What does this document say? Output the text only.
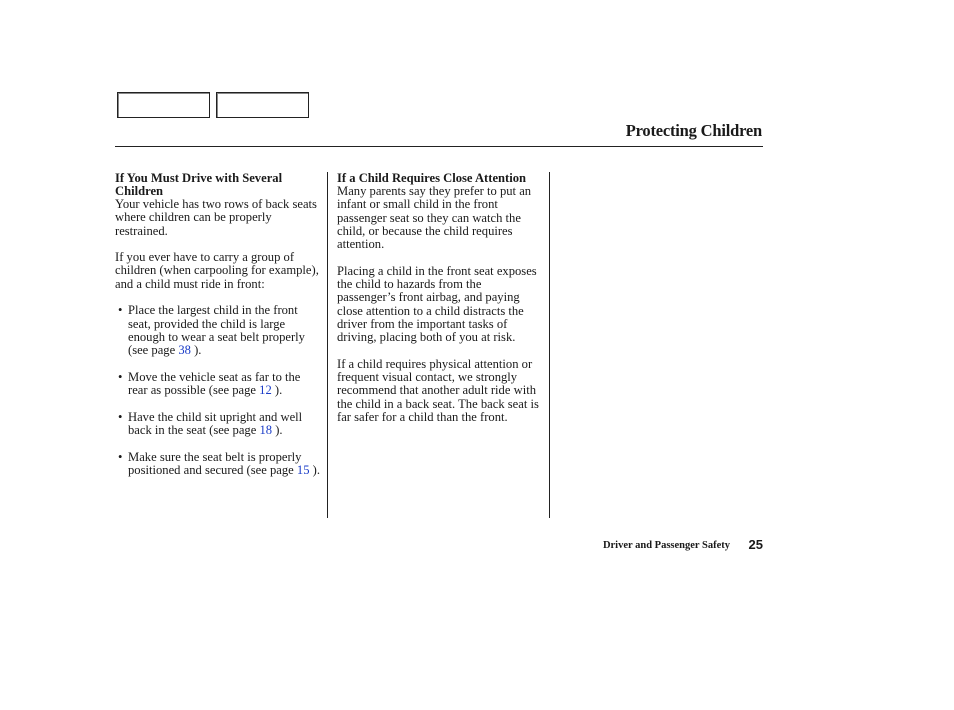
Protecting Children
If You Must Drive with Several Children

Your vehicle has two rows of back seats where children can be properly restrained.

If you ever have to carry a group of children (when carpooling for example), and a child must ride in front:

• Place the largest child in the front seat, provided the child is large enough to wear a seat belt properly (see page 38 ).
• Move the vehicle seat as far to the rear as possible (see page 12 ).
• Have the child sit upright and well back in the seat (see page 18 ).
• Make sure the seat belt is properly positioned and secured (see page 15 ).
If a Child Requires Close Attention

Many parents say they prefer to put an infant or small child in the front passenger seat so they can watch the child, or because the child requires attention.

Placing a child in the front seat exposes the child to hazards from the passenger’s front airbag, and paying close attention to a child distracts the driver from the important tasks of driving, placing both of you at risk.

If a child requires physical attention or frequent visual contact, we strongly recommend that another adult ride with the child in a back seat. The back seat is far safer for a child than the front.

Driver and Passenger Safety 25
